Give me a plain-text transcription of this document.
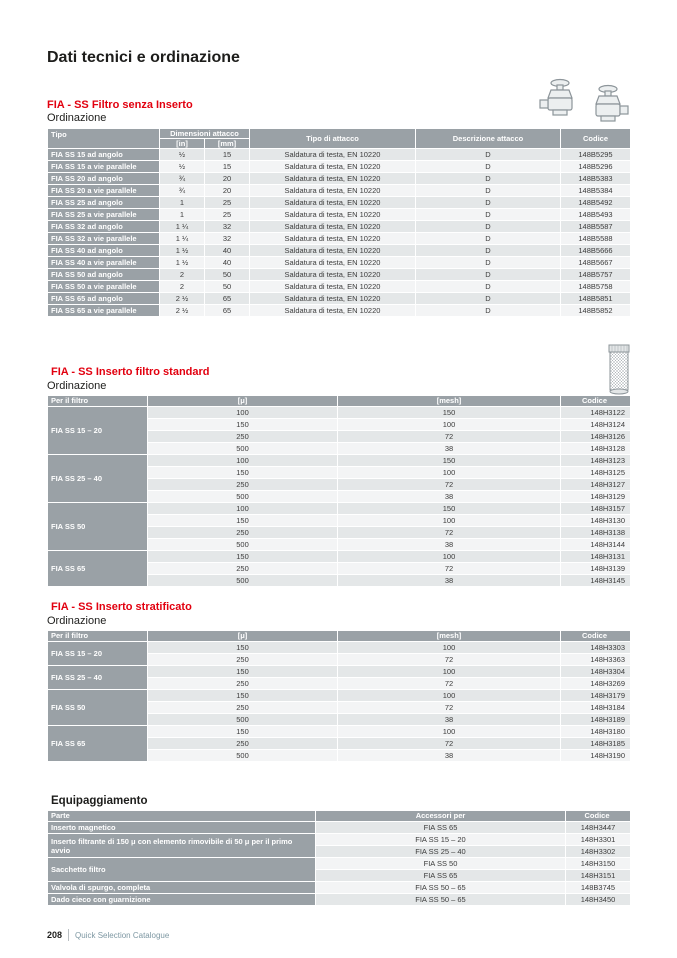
Dati tecnici e ordinazione
FIA - SS Filtro senza Inserto
Ordinazione
Tipo	Dimensioni attacco		Tipo di attacco	Descrizione attacco	Codice
	[in]	[mm]			
FIA SS 15 ad angolo	½	15	Saldatura di testa, EN 10220	D	148B5295
FIA SS 15 a vie parallele	½	15	Saldatura di testa, EN 10220	D	148B5296
FIA SS 20 ad angolo	¾	20	Saldatura di testa, EN 10220	D	148B5383
FIA SS 20 a vie parallele	¾	20	Saldatura di testa, EN 10220	D	148B5384
FIA SS 25 ad angolo	1	25	Saldatura di testa, EN 10220	D	148B5492
FIA SS 25 a vie parallele	1	25	Saldatura di testa, EN 10220	D	148B5493
FIA SS 32 ad angolo	1 ¼	32	Saldatura di testa, EN 10220	D	148B5587
FIA SS 32 a vie parallele	1 ¼	32	Saldatura di testa, EN 10220	D	148B5588
FIA SS 40 ad angolo	1 ½	40	Saldatura di testa, EN 10220	D	148B5666
FIA SS 40 a vie parallele	1 ½	40	Saldatura di testa, EN 10220	D	148B5667
FIA SS 50 ad angolo	2	50	Saldatura di testa, EN 10220	D	148B5757
FIA SS 50 a vie parallele	2	50	Saldatura di testa, EN 10220	D	148B5758
FIA SS 65 ad angolo	2 ½	65	Saldatura di testa, EN 10220	D	148B5851
FIA SS 65 a vie parallele	2 ½	65	Saldatura di testa, EN 10220	D	148B5852
FIA - SS Inserto filtro standard
Ordinazione
Per il filtro	[μ]	[mesh]	Codice
FIA SS 15 – 20	100	150	148H3122
	150	100	148H3124
	250	72	148H3126
	500	38	148H3128
FIA SS 25 – 40	100	150	148H3123
	150	100	148H3125
	250	72	148H3127
	500	38	148H3129
FIA SS 50	100	150	148H3157
	150	100	148H3130
	250	72	148H3138
	500	38	148H3144
FIA SS 65	150	100	148H3131
	250	72	148H3139
	500	38	148H3145
FIA - SS Inserto stratificato
Ordinazione
Per il filtro	[μ]	[mesh]	Codice
FIA SS 15 – 20	150	100	148H3303
	250	72	148H3363
FIA SS 25 – 40	150	100	148H3304
	250	72	148H3269
FIA SS 50	150	100	148H3179
	250	72	148H3184
	500	38	148H3189
FIA SS 65	150	100	148H3180
	250	72	148H3185
	500	38	148H3190
Equipaggiamento
Parte	Accessori per	Codice
Inserto magnetico	FIA SS 65	148H3447
Inserto filtrante di 150 μ con elemento rimovibile di 50 μ per il primo avvio	FIA SS 15 – 20	148H3301
	FIA SS 25 – 40	148H3302
Sacchetto filtro	FIA SS 50	148H3150
	FIA SS 65	148H3151
Valvola di spurgo, completa	FIA SS 50 – 65	148B3745
Dado cieco con guarnizione	FIA SS 50 – 65	148H3450
208 Quick Selection Catalogue
